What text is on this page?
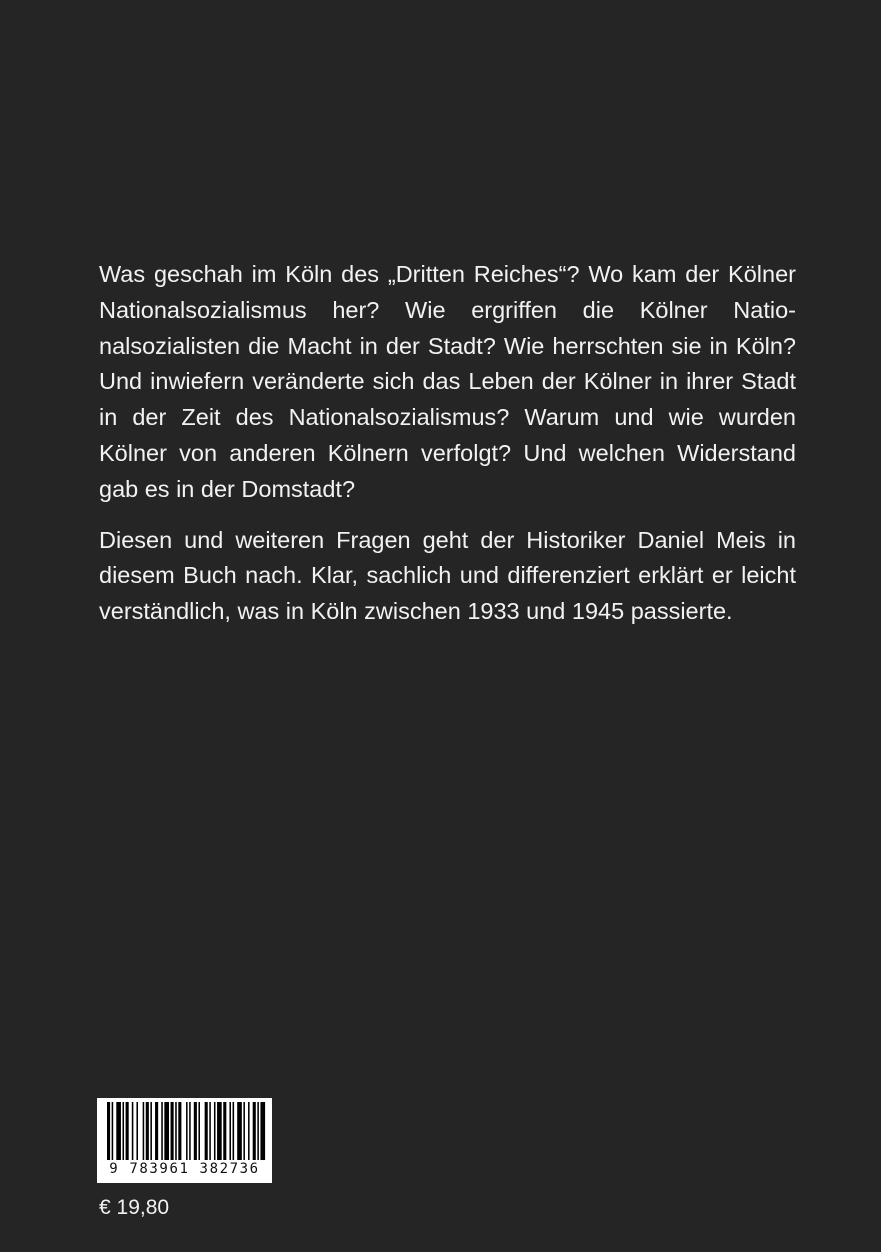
Was geschah im Köln des „Dritten Reiches“? Wo kam der Kölner Nationalsozialismus her? Wie ergriffen die Kölner Nationalsozialisten die Macht in der Stadt? Wie herrschten sie in Köln? Und inwiefern veränderte sich das Leben der Kölner in ihrer Stadt in der Zeit des Nationalsozialismus? Warum und wie wurden Kölner von anderen Kölnern verfolgt? Und welchen Widerstand gab es in der Domstadt?

Diesen und weiteren Fragen geht der Historiker Daniel Meis in diesem Buch nach. Klar, sachlich und differenziert erklärt er leicht verständlich, was in Köln zwischen 1933 und 1945 passierte.

9 783961 382736
€ 19,80
